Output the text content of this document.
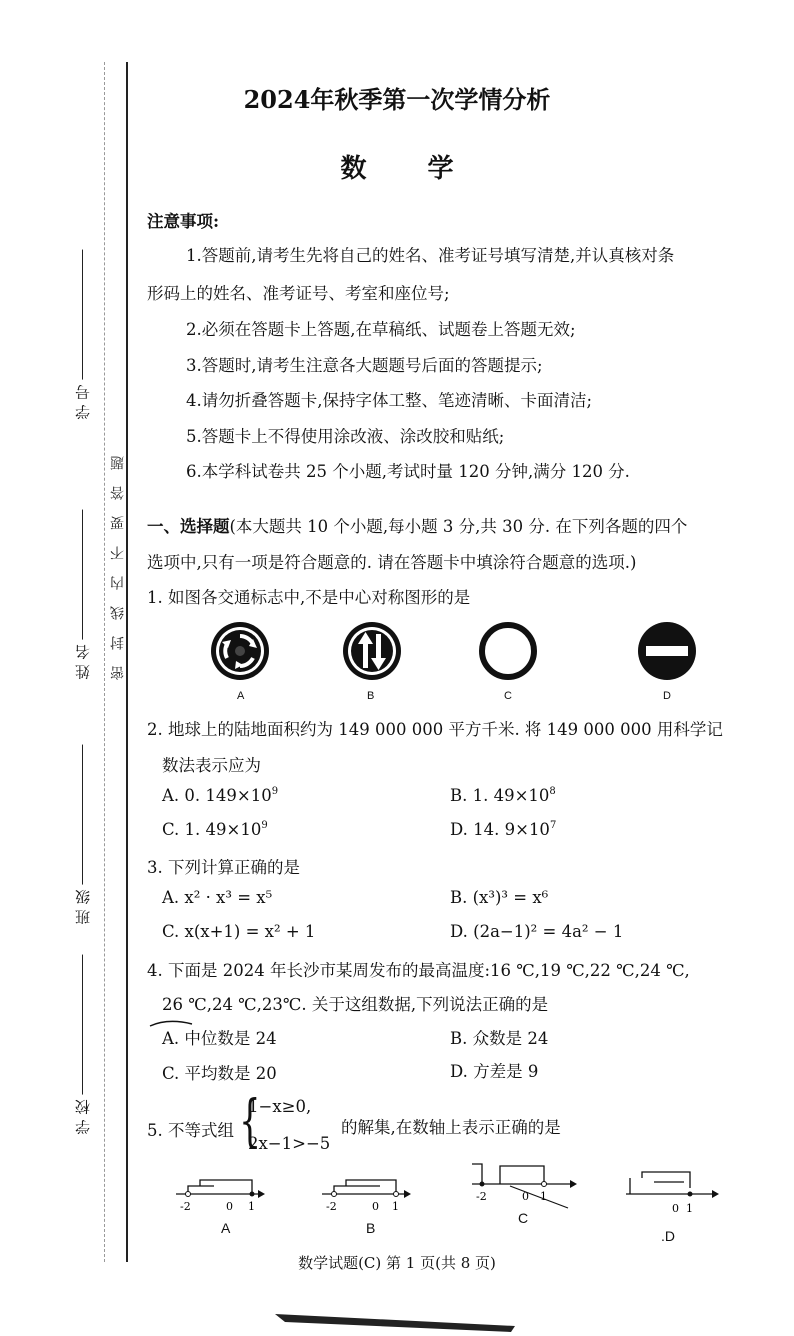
学 号
姓 名
班 级
学 校
密封线内不要答题
2024年秋季第一次学情分析
数 学
注意事项:
1.答题前,请考生先将自己的姓名、准考证号填写清楚,并认真核对条
形码上的姓名、准考证号、考室和座位号;
2.必须在答题卡上答题,在草稿纸、试题卷上答题无效;
3.答题时,请考生注意各大题题号后面的答题提示;
4.请勿折叠答题卡,保持字体工整、笔迹清晰、卡面清洁;
5.答题卡上不得使用涂改液、涂改胶和贴纸;
6.本学科试卷共 25 个小题,考试时量 120 分钟,满分 120 分.
一、选择题(本大题共 10 个小题,每小题 3 分,共 30 分. 在下列各题的四个
选项中,只有一项是符合题意的. 请在答题卡中填涂符合题意的选项.)
1. 如图各交通标志中,不是中心对称图形的是
A	B	C	D
2. 地球上的陆地面积约为 149 000 000 平方千米. 将 149 000 000 用科学记
数法表示应为
A. 0. $149\times 10^9$	B. 1. $49\times 10^8$
C. 1. $49\times 10^9$	D. 14. $9\times 10^7$
3. 下列计算正确的是
A. x² · x³ = x⁵	B. (x³)³ = x⁶
C. x(x+1) = x² + 1	D. (2a−1)² = 4a² − 1
4. 下面是 2024 年长沙市某周发布的最高温度:16 ℃,19 ℃,22 ℃,24 ℃,
26 ℃,24 ℃,23℃. 关于这组数据,下列说法正确的是
A. 中位数是 24	B. 众数是 24
C. 平均数是 20	D. 方差是 9
5. 不等式组 {
1−x≥0,
2x−1>−5
的解集,在数轴上表示正确的是
-2	0 1
A
-2	0 1
B
-2	0 1
C
0 1
.D
数学试题(C) 第 1 页(共 8 页)
